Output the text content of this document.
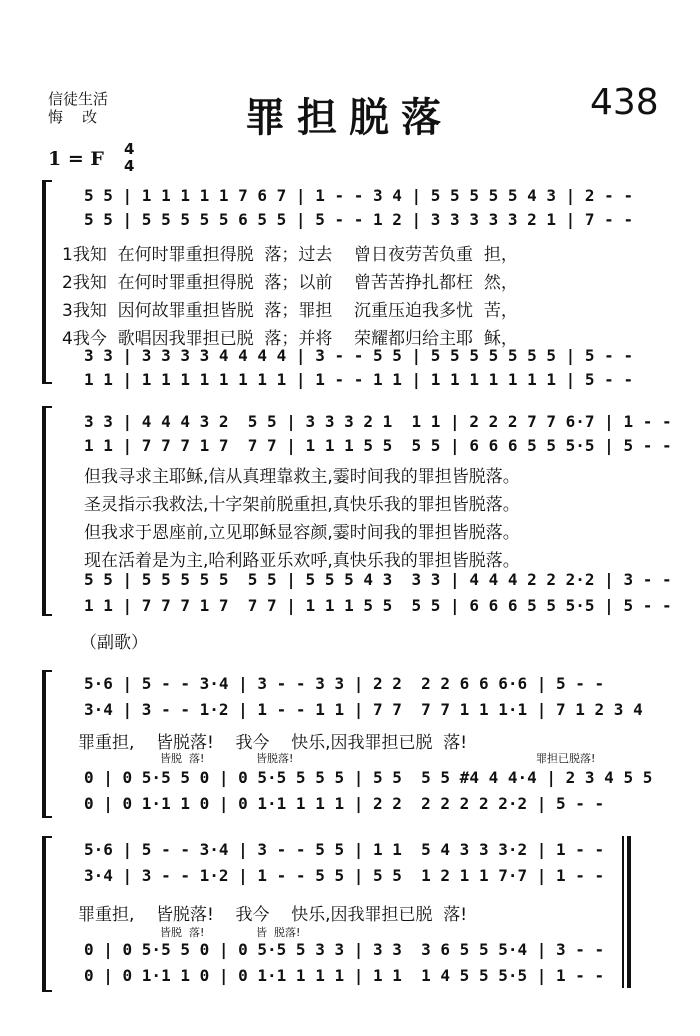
信徒生活
悔    改	罪担脱落	438
1 = F 4
4
5 5 | 1 1 1 1 1 7 6 7 | 1 - - 3 4 | 5 5 5 5 5 4 3 | 2 - -
5 5 | 5 5 5 5 5 6 5 5 | 5 - - 1 2 | 3 3 3 3 3 2 1 | 7 - -
1我知  在何时罪重担得脱  落；过去    曾日夜劳苦负重  担，
2我知  在何时罪重担得脱  落；以前    曾苦苦挣扎都枉  然，
3我知  因何故罪重担皆脱  落；罪担    沉重压迫我多忧  苦，
4我今  歌唱因我罪担已脱  落；并将    荣耀都归给主耶  稣，
3 3 | 3 3 3 3 4 4 4 4 | 3 - - 5 5 | 5 5 5 5 5 5 5 | 5 - -
1 1 | 1 1 1 1 1 1 1 1 | 1 - - 1 1 | 1 1 1 1 1 1 1 | 5 - -
3 3 | 4 4 4 3 2  5 5 | 3 3 3 2 1  1 1 | 2 2 2 7 7 6·7 | 1 - -
1 1 | 7 7 7 1 7  7 7 | 1 1 1 5 5  5 5 | 6 6 6 5 5 5·5 | 5 - -
但我寻求主耶稣,信从真理靠救主,霎时间我的罪担皆脱落。
圣灵指示我救法,十字架前脱重担,真快乐我的罪担皆脱落。
但我求于恩座前,立见耶稣显容颜,霎时间我的罪担皆脱落。
现在活着是为主,哈利路亚乐欢呼,真快乐我的罪担皆脱落。
5 5 | 5 5 5 5 5  5 5 | 5 5 5 4 3  3 3 | 4 4 4 2 2 2·2 | 3 - -
1 1 | 7 7 7 1 7  7 7 | 1 1 1 5 5  5 5 | 6 6 6 5 5 5·5 | 5 - -
（副歌）
5·6 | 5 - - 3·4 | 3 - - 3 3 | 2 2  2 2 6 6 6·6 | 5 - -
3·4 | 3 - - 1·2 | 1 - - 1 1 | 7 7  7 7 1 1 1·1 | 7 1 2 3 4
罪重担,    皆脱落!    我今    快乐,因我罪担已脱  落!
皆脱  落!	皆脱落!	罪担已脱落!
0 | 0 5·5 5 0 | 0 5·5 5 5 5 | 5 5  5 5 #4 4 4·4 | 2 3 4 5 5
0 | 0 1·1 1 0 | 0 1·1 1 1 1 | 2 2  2 2 2 2 2·2 | 5 - -
5·6 | 5 - - 3·4 | 3 - - 5 5 | 1 1  5 4 3 3 3·2 | 1 - -
3·4 | 3 - - 1·2 | 1 - - 5 5 | 5 5  1 2 1 1 7·7 | 1 - -
罪重担,    皆脱落!    我今    快乐,因我罪担已脱  落!
皆脱  落!	皆  脱落!
0 | 0 5·5 5 0 | 0 5·5 5 3 3 | 3 3  3 6 5 5 5·4 | 3 - -
0 | 0 1·1 1 0 | 0 1·1 1 1 1 | 1 1  1 4 5 5 5·5 | 1 - -
